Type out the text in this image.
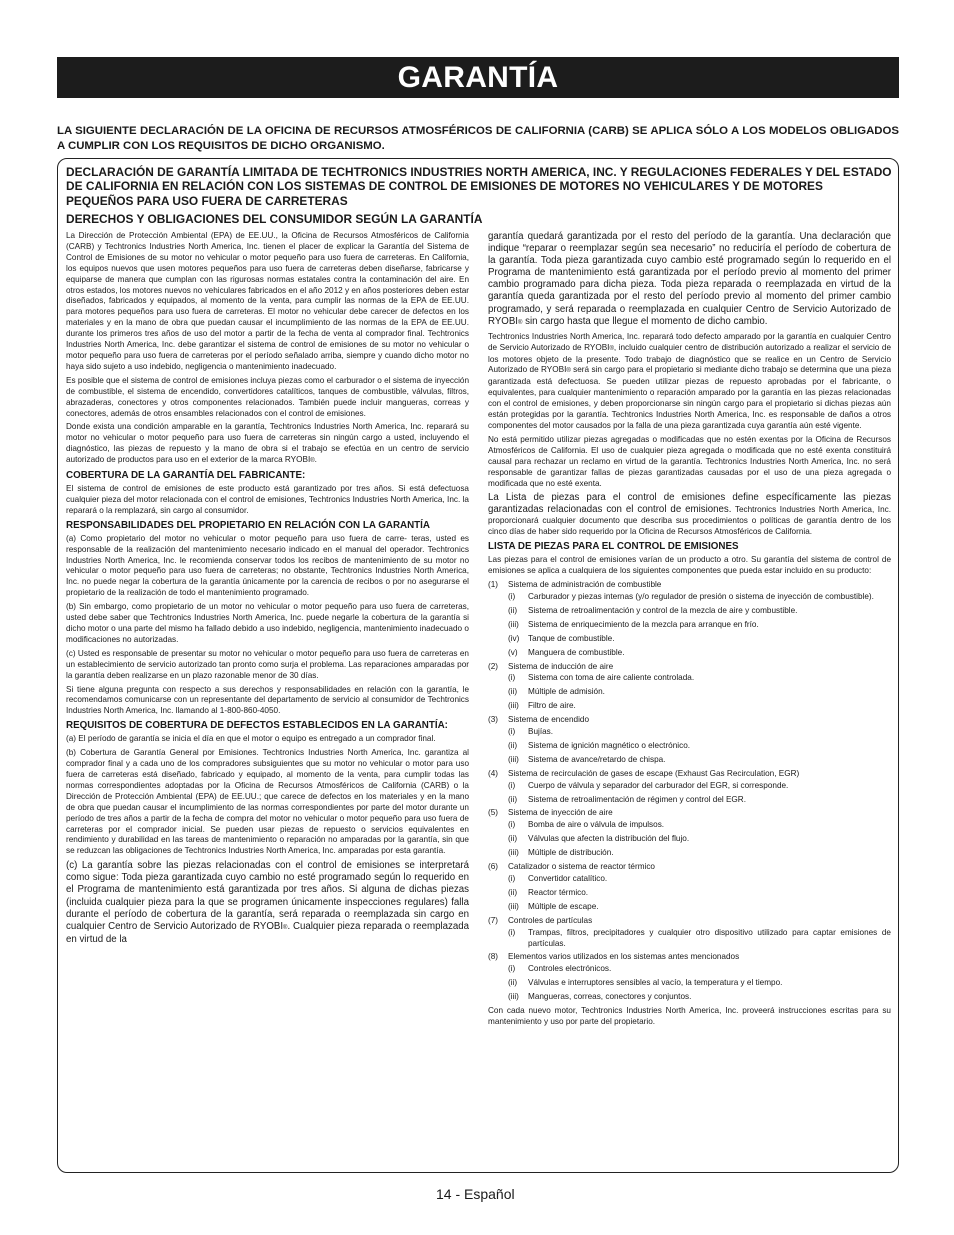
GARANTÍA
LA SIGUIENTE DECLARACIÓN DE LA OFICINA DE RECURSOS ATMOSFÉRICOS DE CALIFORNIA (CARB) SE APLICA SÓLO A LOS MODELOS OBLIGADOS A CUMPLIR CON LOS REQUISITOS DE DICHO ORGANISMO.
DECLARACIÓN DE GARANTÍA LIMITADA DE TECHTRONICS INDUSTRIES NORTH AMERICA, INC. Y REGULACIONES FEDERALES Y DEL ESTADO DE CALIFORNIA EN RELACIÓN CON LOS SISTEMAS DE CONTROL DE EMISIONES DE MOTORES NO VEHICULARES Y DE MOTORES PEQUEÑOS PARA USO FUERA DE CARRETERAS
DERECHOS Y OBLIGACIONES DEL CONSUMIDOR SEGÚN LA GARANTÍA

La Dirección de Protección Ambiental (EPA) de EE.UU., la Oficina de Recursos Atmosféricos de California (CARB) y Techtronics Industries North America, Inc. tienen el placer de explicar la Garantía del Sistema de Control de Emisiones de su motor no vehicular o motor pequeño para uso fuera de carreteras. En California, los equipos nuevos que usen motores pequeños para uso fuera de carreteras deben diseñarse, fabricarse y equiparse de manera que cumplan con las rigurosas normas estatales contra la contaminación del aire. En otros estados, los motores nuevos no vehiculares fabricados en el año 2012 y en años posteriores deben estar diseñados, fabricados y equipados, al momento de la venta, para cumplir las normas de la EPA de EE.UU. para motores pequeños para uso fuera de carreteras. El motor no vehicular debe carecer de defectos en los materiales y en la mano de obra que puedan causar el incumplimiento de las normas de la EPA de EE.UU. durante los primeros tres años de uso del motor a partir de la fecha de venta al comprador final. Techtronics Industries North America, Inc. debe garantizar el sistema de control de emisiones de su motor no vehicular o motor pequeño para uso fuera de carreteras por el período señalado arriba, siempre y cuando dicho motor no haya sido sujeto a uso indebido, negligencia o mantenimiento inadecuado.

Es posible que el sistema de control de emisiones incluya piezas como el carburador o el sistema de inyección de combustible, el sistema de encendido, convertidores catalíticos, tanques de combustible, válvulas, filtros, abrazaderas, conectores y otros componentes relacionados. También puede incluir mangueras, correas y conectores, además de otros ensambles relacionados con el control de emisiones.

Donde exista una condición amparable en la garantía, Techtronics Industries North America, Inc. reparará su motor no vehicular o motor pequeño para uso fuera de carreteras sin ningún cargo a usted, incluyendo el diagnóstico, las piezas de repuesto y la mano de obra si el trabajo se efectúa en un centro de servicio autorizado de productos para uso en el exterior de la marca RYOBI®.

COBERTURA DE LA GARANTÍA DEL FABRICANTE:

El sistema de control de emisiones de este producto está garantizado por tres años. Si está defectuosa cualquier pieza del motor relacionada con el control de emisiones, Techtronics Industries North America, Inc. la reparará o la remplazará, sin cargo al consumidor.

RESPONSABILIDADES DEL PROPIETARIO EN RELACIÓN CON LA GARANTÍA

(a) Como propietario del motor no vehicular o motor pequeño para uso fuera de carre- teras, usted es responsable de la realización del mantenimiento necesario indicado en el manual del operador. Techtronics Industries North America, Inc. le recomienda conservar todos los recibos de mantenimiento de su motor no vehicular o motor pequeño para uso fuera de carreteras; no obstante, Techtronics Industries North America, Inc. no puede negar la cobertura de la garantía únicamente por la carencia de recibos o por no asegurarse el propietario de la realización de todo el mantenimiento programado.

(b) Sin embargo, como propietario de un motor no vehicular o motor pequeño para uso fuera de carreteras, usted debe saber que Techtronics Industries North America, Inc. puede negarle la cobertura de la garantía si dicho motor o una parte del mismo ha fallado debido a uso indebido, negligencia, mantenimiento inadecuado o modificaciones no autorizadas.

(c) Usted es responsable de presentar su motor no vehicular o motor pequeño para uso fuera de carreteras en un establecimiento de servicio autorizado tan pronto como surja el problema. Las reparaciones amparadas por la garantía deben realizarse en un plazo razonable menor de 30 días.

Si tiene alguna pregunta con respecto a sus derechos y responsabilidades en relación con la garantía, le recomendamos comunicarse con un representante del departamento de servicio al consumidor de Techtronics Industries North America, Inc. llamando al 1-800-860-4050.

REQUISITOS DE COBERTURA DE DEFECTOS ESTABLECIDOS EN LA GARANTÍA:

(a) El período de garantía se inicia el día en que el motor o equipo es entregado a un comprador final.

(b) Cobertura de Garantía General por Emisiones. Techtronics Industries North America, Inc. garantiza al comprador final y a cada uno de los compradores subsiguientes que su motor no vehicular o motor para uso fuera de carreteras está diseñado, fabricado y equipado, al momento de la venta, para cumplir todas las normas correspondientes adoptadas por la Oficina de Recursos Atmosféricos de California (CARB) o la Dirección de Protección Ambiental (EPA) de EE.UU.; que carece de defectos en los materiales y en la mano de obra que puedan causar el incumplimiento de las normas correspondientes por parte del motor durante un período de tres años a partir de la fecha de compra del motor no vehicular o motor pequeño para uso fuera de carreteras por el comprador inicial. Se pueden usar piezas de repuesto o servicios equivalentes en rendimiento y durabilidad en las tareas de mantenimiento o reparación no amparadas por la garantía, sin que se reduzcan las obligaciones de Techtronics Industries North America, Inc. amparadas por esta garantía.

(c) La garantía sobre las piezas relacionadas con el control de emisiones se interpretará como sigue: Toda pieza garantizada cuyo cambio no esté programado según lo requerido en el Programa de mantenimiento está garantizada por tres años. Si alguna de dichas piezas (incluida cualquier pieza para la que se programen únicamente inspecciones regulares) falla durante el período de cobertura de la garantía, será reparada o reemplazada sin cargo en cualquier Centro de Servicio Autorizado de RYOBI®. Cualquier pieza reparada o reemplazada en virtud de la

garantía quedará garantizada por el resto del período de la garantía. Una declaración que indique “reparar o reemplazar según sea necesario” no reduciría el período de cobertura de la garantía. Toda pieza garantizada cuyo cambio esté programado según lo requerido en el Programa de mantenimiento está garantizada por el período previo al momento del primer cambio programado para dicha pieza. Toda pieza reparada o reemplazada en virtud de la garantía queda garantizada por el resto del período previo al momento del primer cambio programado, y será reparada o reemplazada en cualquier Centro de Servicio Autorizado de RYOBI® sin cargo hasta que llegue el momento de dicho cambio.

Techtronics Industries North America, Inc. reparará todo defecto amparado por la garantía en cualquier Centro de Servicio Autorizado de RYOBI®, incluido cualquier centro de distribución autorizado a realizar el servicio de los motores objeto de la presente. Todo trabajo de diagnóstico que se realice en un Centro de Servicio Autorizado de RYOBI® será sin cargo para el propietario si mediante dicho trabajo se determina que una pieza garantizada está defectuosa. Se pueden utilizar piezas de repuesto aprobadas por el fabricante, o equivalentes, para cualquier mantenimiento o reparación amparado por la garantía en las piezas relacionadas con el control de emisiones, y deben proporcionarse sin ningún cargo para el propietario si dichas piezas aún están protegidas por la garantía. Techtronics Industries North America, Inc. es responsable de daños a otros componentes del motor causados por la falla de una pieza garantizada cuya garantía aún esté vigente.

No está permitido utilizar piezas agregadas o modificadas que no estén exentas por la Oficina de Recursos Atmosféricos de California. El uso de cualquier pieza agregada o modificada que no esté exenta constituirá causal para rechazar un reclamo en virtud de la garantía. Techtronics Industries North America, Inc. no será responsable de garantizar fallas de piezas garantizadas causadas por el uso de una pieza agregada o modificada que no esté exenta.

La Lista de piezas para el control de emisiones define específicamente las piezas garantizadas relacionadas con el control de emisiones. Techtronics Industries North America, Inc. proporcionará cualquier documento que describa sus procedimientos o políticas de garantía dentro de los cinco días de haber sido requerido por la Oficina de Recursos Atmosféricos de California.

LISTA DE PIEZAS PARA EL CONTROL DE EMISIONES

Las piezas para el control de emisiones varían de un producto a otro. Su garantía del sistema de control de emisiones se aplica a cualquiera de los siguientes componentes que pueda estar incluido en su producto:

(1) Sistema de administración de combustible
(i)	Carburador y piezas internas (y/o regulador de presión o sistema de inyección de combustible).
(ii)	Sistema de retroalimentación y control de la mezcla de aire y combustible.
(iii)	Sistema de enriquecimiento de la mezcla para arranque en frío.
(iv)	Tanque de combustible.
(v)	Manguera de combustible.
(2) Sistema de inducción de aire
(i)	Sistema con toma de aire caliente controlada.
(ii)	Múltiple de admisión.
(iii)	Filtro de aire.
(3) Sistema de encendido
(i)	Bujías.
(ii)	Sistema de ignición magnético o electrónico.
(iii)	Sistema de avance/retardo de chispa.
(4) Sistema de recirculación de gases de escape (Exhaust Gas Recirculation, EGR)
(i)	Cuerpo de válvula y separador del carburador del EGR, si corresponde.
(ii)	Sistema de retroalimentación de régimen y control del EGR.
(5) Sistema de inyección de aire
(i)	Bomba de aire o válvula de impulsos.
(ii)	Válvulas que afecten la distribución del flujo.
(iii)	Múltiple de distribución.
(6) Catalizador o sistema de reactor térmico
(i)	Convertidor catalítico.
(ii)	Reactor térmico.
(iii)	Múltiple de escape.
(7) Controles de partículas
(i)	Trampas, filtros, precipitadores y cualquier otro dispositivo utilizado para captar emisiones de partículas.
(8) Elementos varios utilizados en los sistemas antes mencionados
(i)	Controles electrónicos.
(ii)	Válvulas e interruptores sensibles al vacío, la temperatura y el tiempo.
(iii)	Mangueras, correas, conectores y conjuntos.

Con cada nuevo motor, Techtronics Industries North America, Inc. proveerá instrucciones escritas para su mantenimiento y uso por parte del propietario.

14 - Español
